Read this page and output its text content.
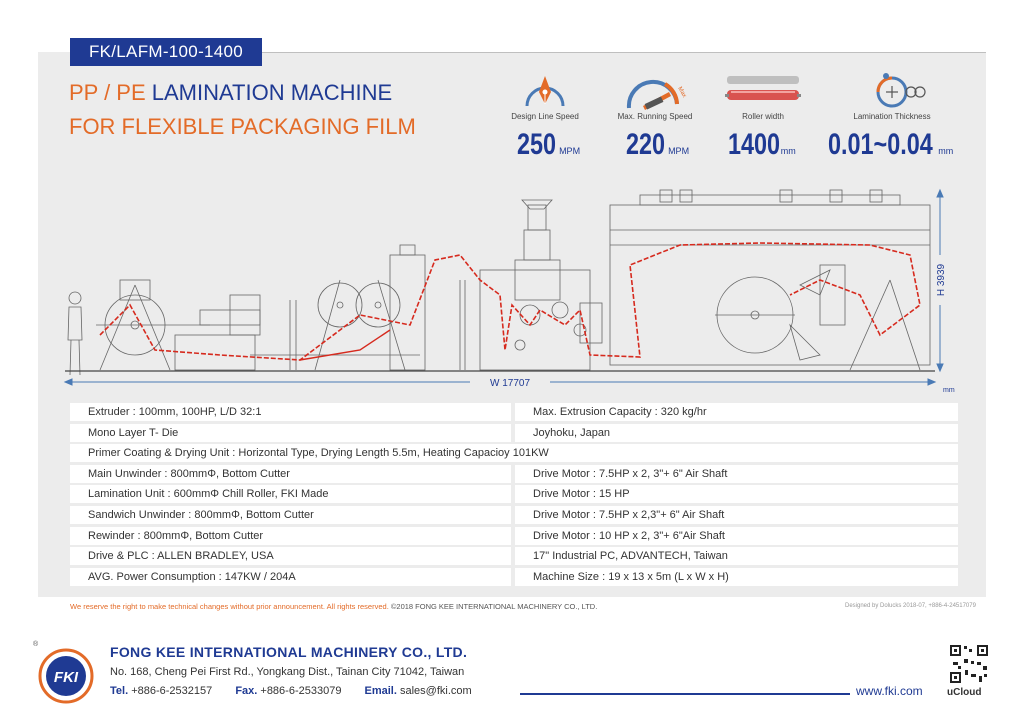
FK/LAFM-100-1400
PP / PE LAMINATION MACHINE
FOR FLEXIBLE PACKAGING FILM	Design Line Speed
250 MPM
Max
Max. Running Speed
220 MPM
Roller width
1400mm
Lamination Thickness
0.01~0.04 mm
W 17707
H 3939
mm
Extruder : 100mm, 100HP, L/D 32:1	Max. Extrusion Capacity : 320 kg/hr
Mono Layer T- Die	Joyhoku, Japan
Primer Coating & Drying Unit : Horizontal Type, Drying Length 5.5m, Heating Capacioy 101KW
Main Unwinder : 800mmΦ, Bottom Cutter	Drive Motor : 7.5HP x 2, 3"+ 6" Air Shaft
Lamination Unit : 600mmΦ Chill Roller, FKI Made	Drive Motor : 15 HP
Sandwich Unwinder : 800mmΦ, Bottom Cutter	Drive Motor : 7.5HP x 2,3"+ 6" Air Shaft
Rewinder : 800mmΦ, Bottom Cutter	Drive Motor : 10 HP x 2, 3"+ 6"Air Shaft
Drive & PLC : ALLEN BRADLEY, USA	17" Industrial PC, ADVANTECH, Taiwan
AVG. Power Consumption : 147KW / 204A	Machine Size : 19 x 13 x 5m (L x W x H)
We reserve the right to make technical changes without prior announcement. All rights reserved. ©2018 FONG KEE INTERNATIONAL MACHINERY CO., LTD.	Designed by Dolucks 2018-07, +886-4-24517079
®
FKI
FONG KEE INTERNATIONAL MACHINERY CO., LTD.
No. 168, Cheng Pei First Rd., Yongkang Dist., Tainan City 71042, Taiwan
Tel. +886-6-2532157 Fax. +886-6-2533079 Email. sales@fki.com	www.fki.com uCloud
